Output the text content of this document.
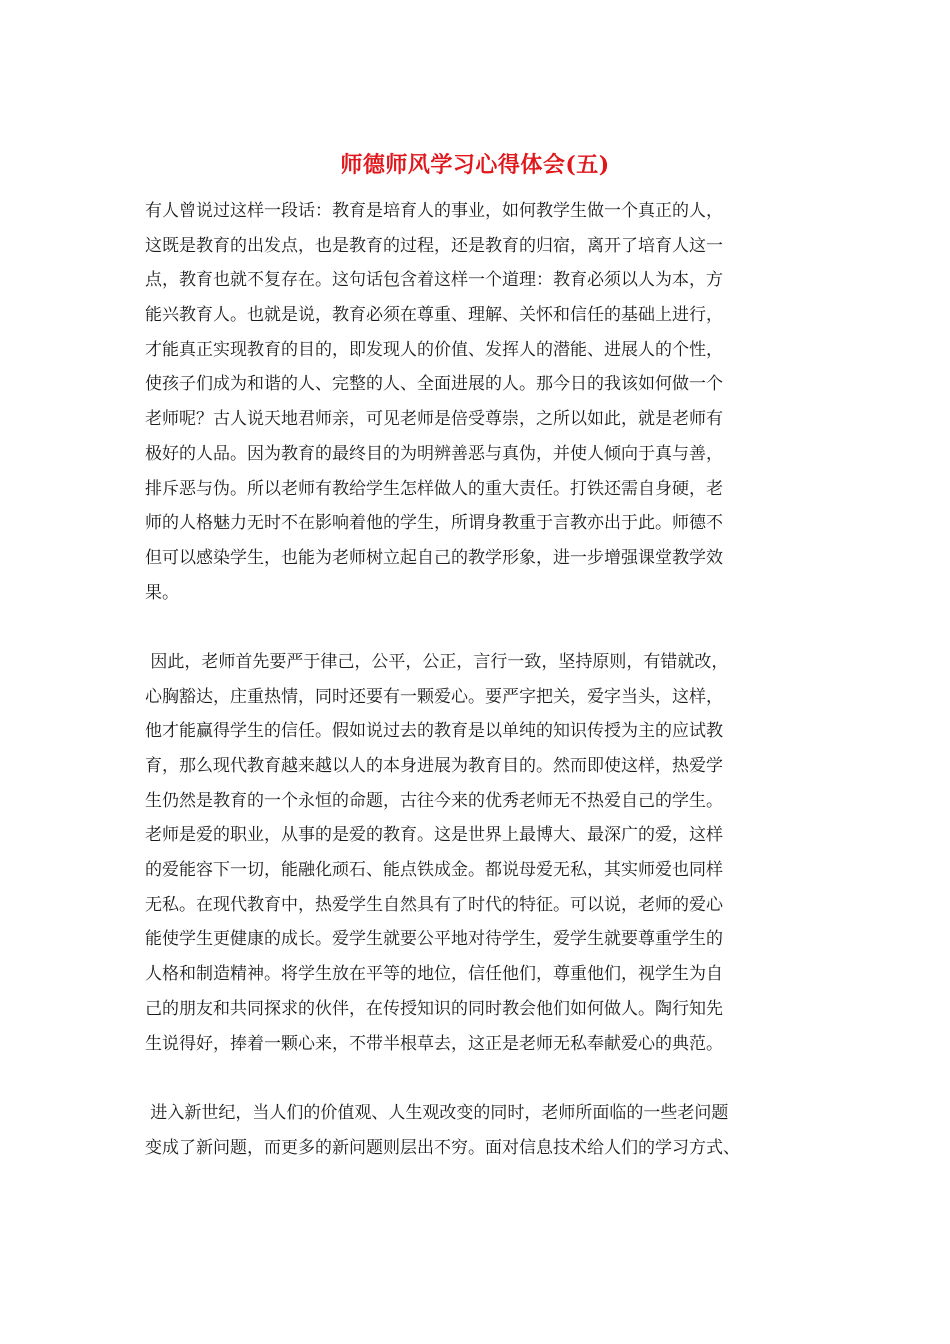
师德师风学习心得体会(五)
有人曾说过这样一段话：教育是培育人的事业，如何教学生做一个真正的人，
这既是教育的出发点，也是教育的过程，还是教育的归宿，离开了培育人这一
点，教育也就不复存在。这句话包含着这样一个道理：教育必须以人为本，方
能兴教育人。也就是说，教育必须在尊重、理解、关怀和信任的基础上进行，
才能真正实现教育的目的，即发现人的价值、发挥人的潜能、进展人的个性，
使孩子们成为和谐的人、完整的人、全面进展的人。那今日的我该如何做一个
老师呢？古人说天地君师亲，可见老师是倍受尊崇，之所以如此，就是老师有
极好的人品。因为教育的最终目的为明辨善恶与真伪，并使人倾向于真与善，
排斥恶与伪。所以老师有教给学生怎样做人的重大责任。打铁还需自身硬，老
师的人格魅力无时不在影响着他的学生，所谓身教重于言教亦出于此。师德不
但可以感染学生，也能为老师树立起自己的教学形象，进一步增强课堂教学效
果。
因此，老师首先要严于律己，公平，公正，言行一致，坚持原则，有错就改，
心胸豁达，庄重热情，同时还要有一颗爱心。要严字把关，爱字当头，这样，
他才能赢得学生的信任。假如说过去的教育是以单纯的知识传授为主的应试教
育，那么现代教育越来越以人的本身进展为教育目的。然而即使这样，热爱学
生仍然是教育的一个永恒的命题，古往今来的优秀老师无不热爱自己的学生。
老师是爱的职业，从事的是爱的教育。这是世界上最博大、最深广的爱，这样
的爱能容下一切，能融化顽石、能点铁成金。都说母爱无私，其实师爱也同样
无私。在现代教育中，热爱学生自然具有了时代的特征。可以说，老师的爱心
能使学生更健康的成长。爱学生就要公平地对待学生，爱学生就要尊重学生的
人格和制造精神。将学生放在平等的地位，信任他们，尊重他们，视学生为自
己的朋友和共同探求的伙伴，在传授知识的同时教会他们如何做人。陶行知先
生说得好，捧着一颗心来，不带半根草去，这正是老师无私奉献爱心的典范。
进入新世纪，当人们的价值观、人生观改变的同时，老师所面临的一些老问题
变成了新问题，而更多的新问题则层出不穷。面对信息技术给人们的学习方式、
